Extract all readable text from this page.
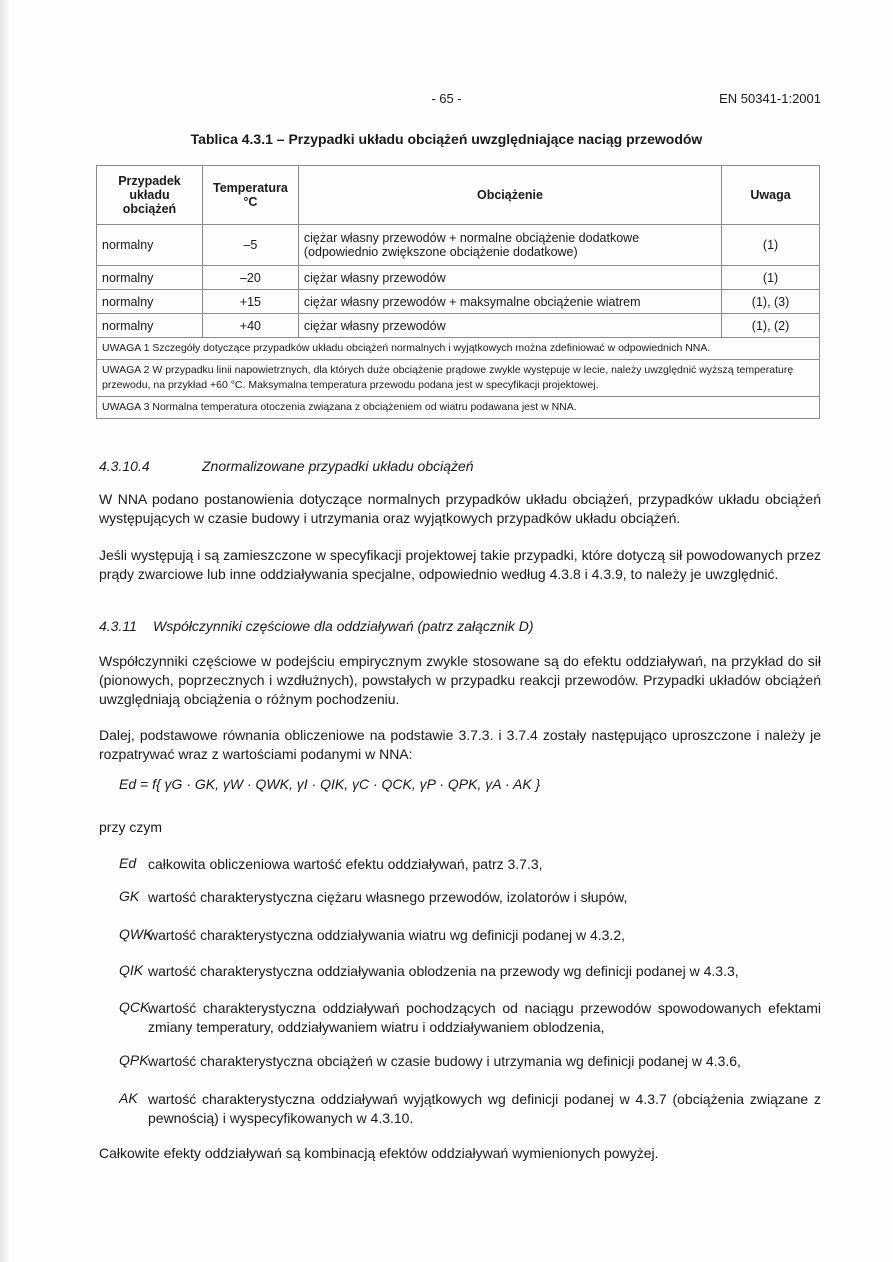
- 65 -	EN 50341-1:2001
Tablica 4.3.1 – Przypadki układu obciążeń uwzględniające naciąg przewodów
Przypadek układu obciążeń	Temperatura °C	Obciążenie	Uwaga
normalny	–5	ciężar własny przewodów + normalne obciążenie dodatkowe (odpowiednio zwiększone obciążenie dodatkowe)	(1)
normalny	–20	ciężar własny przewodów	(1)
normalny	+15	ciężar własny przewodów + maksymalne obciążenie wiatrem	(1), (3)
normalny	+40	ciężar własny przewodów	(1), (2)
UWAGA 1 Szczegóły dotyczące przypadków układu obciążeń normalnych i wyjątkowych można zdefiniować w odpowiednich NNA.			
UWAGA 2 W przypadku linii napowietrznych, dla których duże obciążenie prądowe zwykle występuje w lecie, należy uwzględnić wyższą temperaturę przewodu, na przykład +60 °C. Maksymalna temperatura przewodu podana jest w specyfikacji projektowej.			
UWAGA 3 Normalna temperatura otoczenia związana z obciążeniem od wiatru podawana jest w NNA.			
4.3.10.4	Znormalizowane przypadki układu obciążeń
W NNA podano postanowienia dotyczące normalnych przypadków układu obciążeń, przypadków układu obciążeń występujących w czasie budowy i utrzymania oraz wyjątkowych przypadków układu obciążeń.
Jeśli występują i są zamieszczone w specyfikacji projektowej takie przypadki, które dotyczą sił powodowanych przez prądy zwarciowe lub inne oddziaływania specjalne, odpowiednio według 4.3.8 i 4.3.9, to należy je uwzględnić.
4.3.11 Współczynniki częściowe dla oddziaływań (patrz załącznik D)
Współczynniki częściowe w podejściu empirycznym zwykle stosowane są do efektu oddziaływań, na przykład do sił (pionowych, poprzecznych i wzdłużnych), powstałych w przypadku reakcji przewodów. Przypadki układów obciążeń uwzględniają obciążenia o różnym pochodzeniu.
Dalej, podstawowe równania obliczeniowe na podstawie 3.7.3. i 3.7.4 zostały następująco uproszczone i należy je rozpatrywać wraz z wartościami podanymi w NNA:
Ed = f{ γG · GK, γW · QWK, γI · QIK, γC · QCK, γP · QPK, γA · AK }
przy czym
Ed całkowita obliczeniowa wartość efektu oddziaływań, patrz 3.7.3,
GK wartość charakterystyczna ciężaru własnego przewodów, izolatorów i słupów,
QWK
wartość charakterystyczna oddziaływania wiatru wg definicji podanej w 4.3.2,
QIK wartość charakterystyczna oddziaływania oblodzenia na przewody wg definicji podanej w 4.3.3,
QCK
wartość charakterystyczna oddziaływań pochodzących od naciągu przewodów spowodowanych efektami zmiany temperatury, oddziaływaniem wiatru i oddziaływaniem oblodzenia,
QPK wartość charakterystyczna obciążeń w czasie budowy i utrzymania wg definicji podanej w 4.3.6,
AK wartość charakterystyczna oddziaływań wyjątkowych wg definicji podanej w 4.3.7 (obciążenia związane z pewnością) i wyspecyfikowanych w 4.3.10.
Całkowite efekty oddziaływań są kombinacją efektów oddziaływań wymienionych powyżej.
